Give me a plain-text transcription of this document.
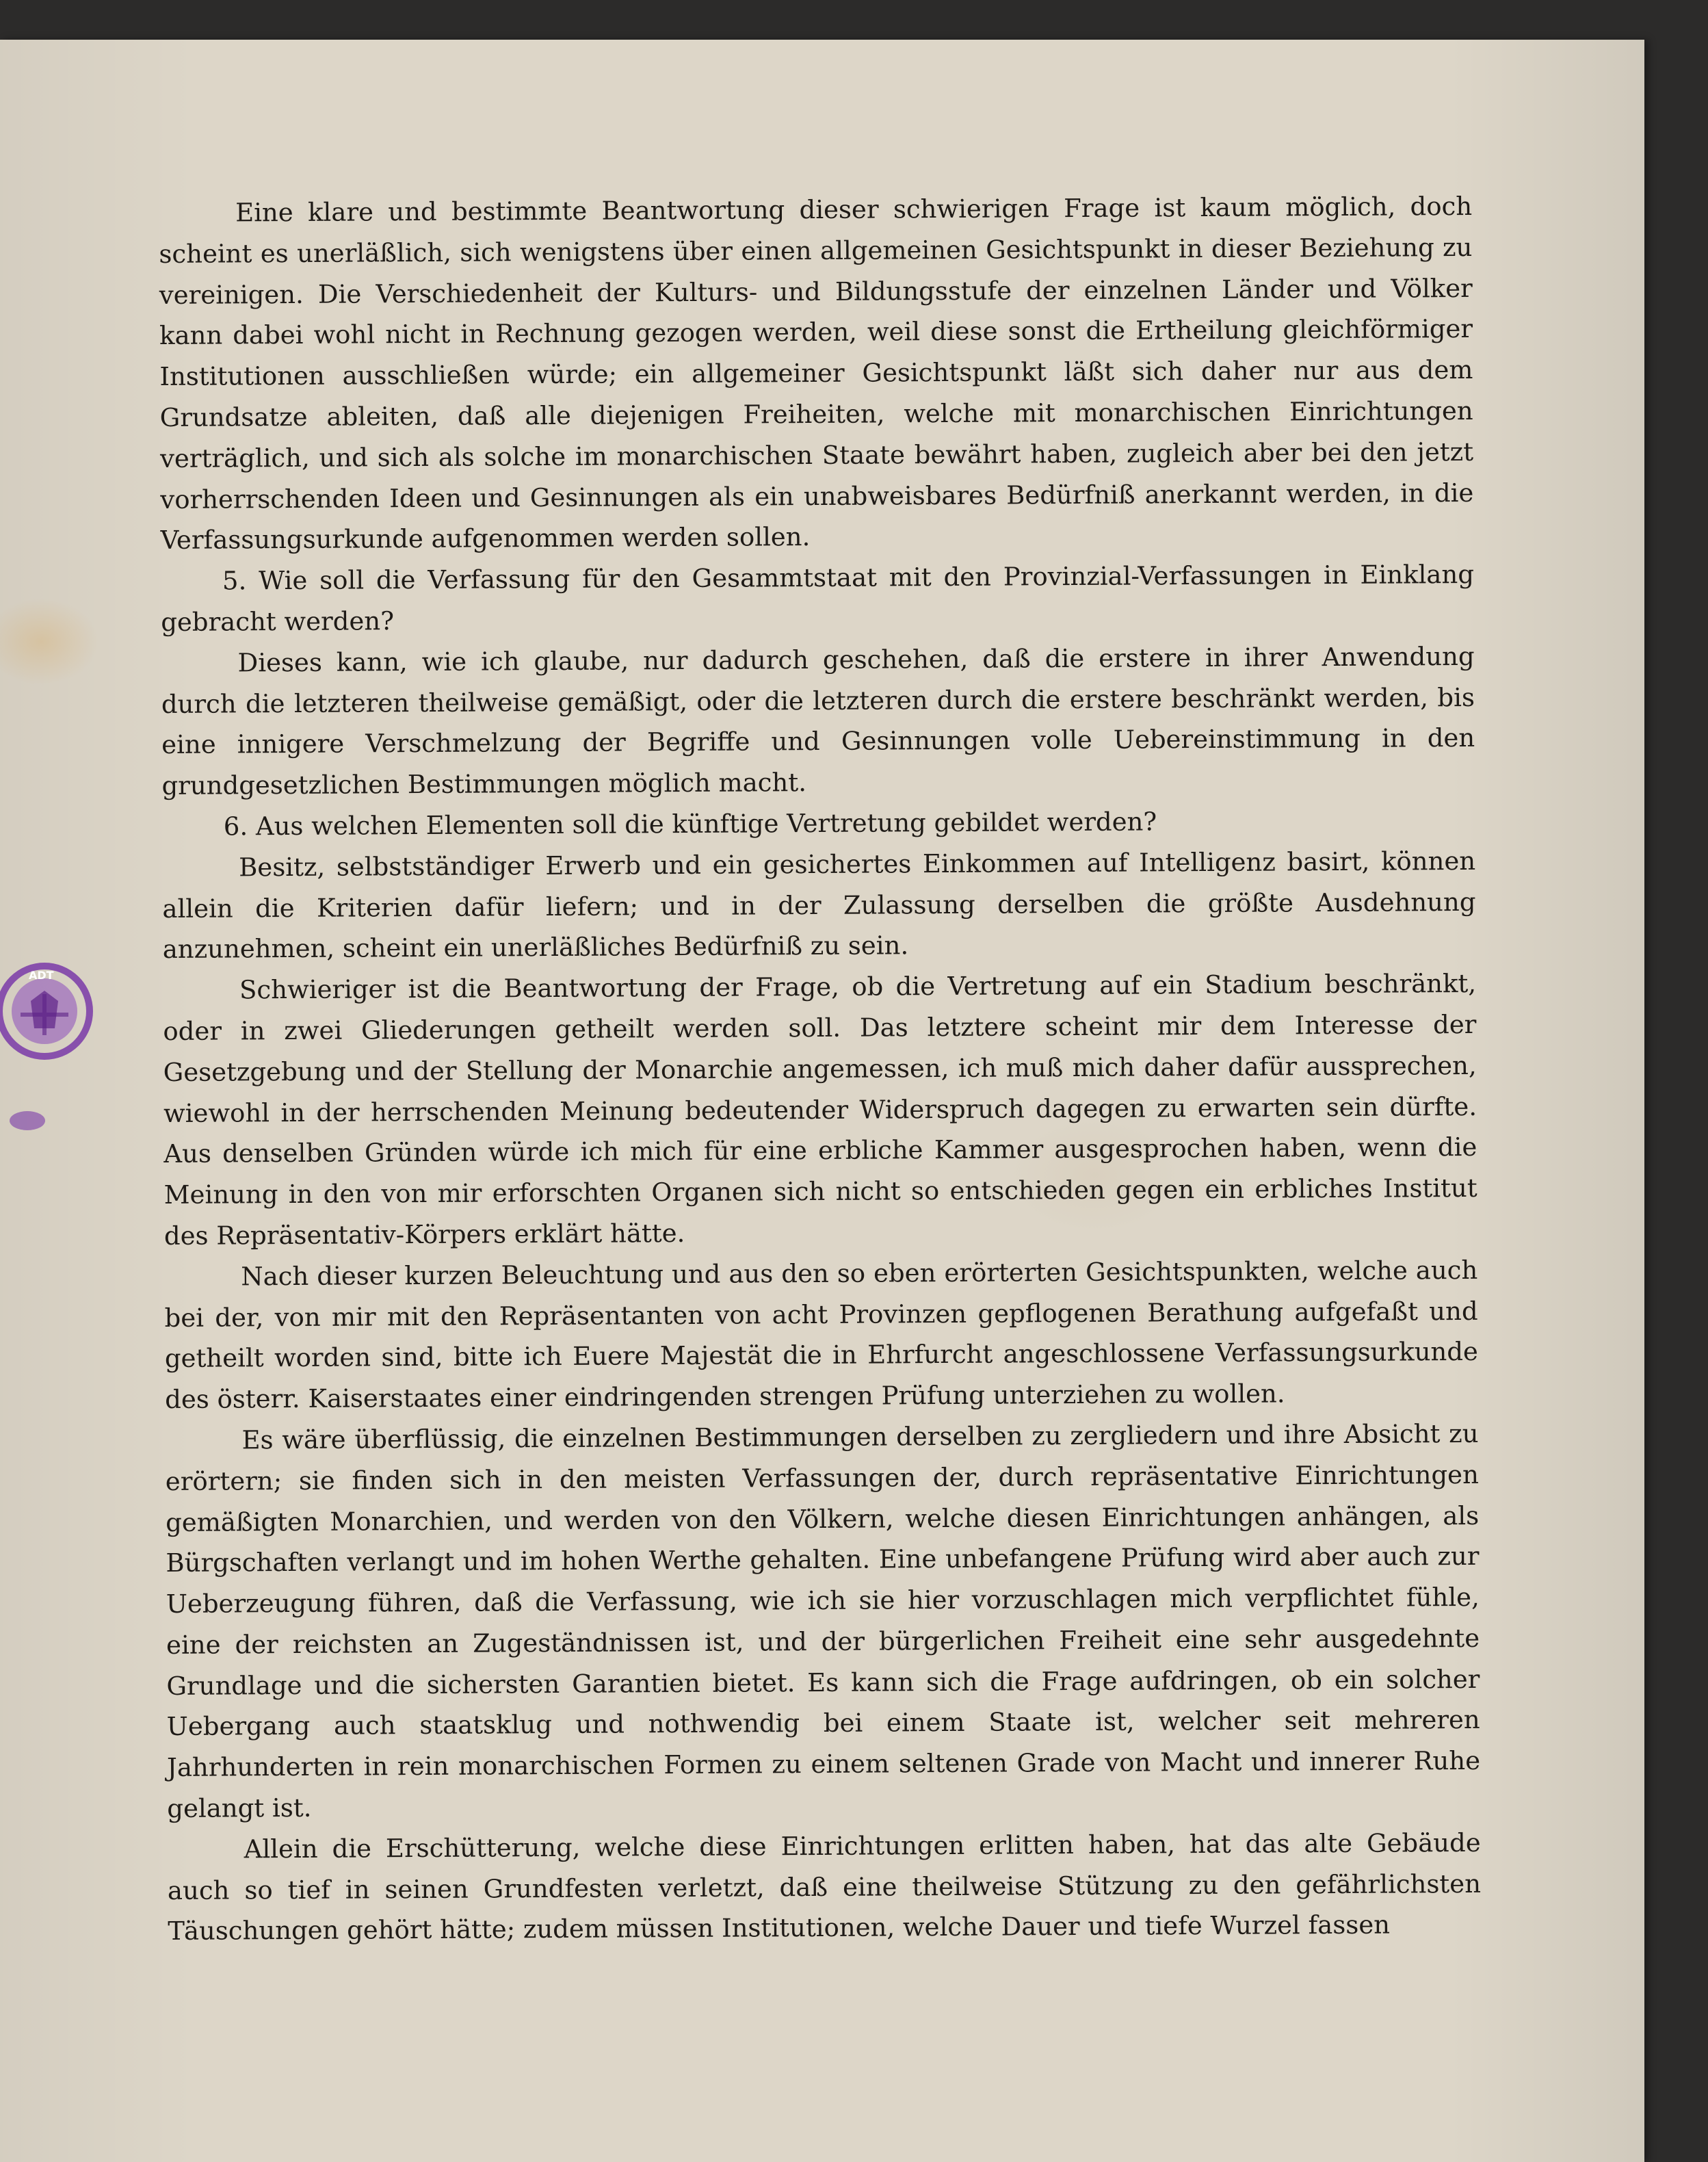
ADT

Eine klare und bestimmte Beantwortung dieser schwierigen Frage ist kaum möglich, doch scheint es unerläßlich, sich wenigstens über einen allgemeinen Gesichtspunkt in dieser Beziehung zu vereinigen. Die Verschiedenheit der Kulturs- und Bildungsstufe der einzelnen Länder und Völker kann dabei wohl nicht in Rechnung gezogen werden, weil diese sonst die Ertheilung gleichförmiger Institutionen ausschließen würde; ein allgemeiner Gesichtspunkt läßt sich daher nur aus dem Grundsatze ableiten, daß alle diejenigen Freiheiten, welche mit monarchischen Einrichtungen verträglich, und sich als solche im monarchischen Staate bewährt haben, zugleich aber bei den jetzt vorherrschenden Ideen und Gesinnungen als ein unabweisbares Bedürfniß anerkannt werden, in die Verfassungsurkunde aufgenommen werden sollen.

5. Wie soll die Verfassung für den Gesammtstaat mit den Provinzial-Verfassungen in Einklang gebracht werden?

Dieses kann, wie ich glaube, nur dadurch geschehen, daß die erstere in ihrer Anwendung durch die letzteren theilweise gemäßigt, oder die letzteren durch die erstere beschränkt werden, bis eine innigere Verschmelzung der Begriffe und Gesinnungen volle Uebereinstimmung in den grundgesetzlichen Bestimmungen möglich macht.

6. Aus welchen Elementen soll die künftige Vertretung gebildet werden?

Besitz, selbstständiger Erwerb und ein gesichertes Einkommen auf Intelligenz basirt, können allein die Kriterien dafür liefern; und in der Zulassung derselben die größte Ausdehnung anzunehmen, scheint ein unerläßliches Bedürfniß zu sein.

Schwieriger ist die Beantwortung der Frage, ob die Vertretung auf ein Stadium beschränkt, oder in zwei Gliederungen getheilt werden soll. Das letztere scheint mir dem Interesse der Gesetzgebung und der Stellung der Monarchie angemessen, ich muß mich daher dafür aussprechen, wiewohl in der herrschenden Meinung bedeutender Widerspruch dagegen zu erwarten sein dürfte. Aus denselben Gründen würde ich mich für eine erbliche Kammer ausgesprochen haben, wenn die Meinung in den von mir erforschten Organen sich nicht so entschieden gegen ein erbliches Institut des Repräsentativ-Körpers erklärt hätte.

Nach dieser kurzen Beleuchtung und aus den so eben erörterten Gesichtspunkten, welche auch bei der, von mir mit den Repräsentanten von acht Provinzen gepflogenen Berathung aufgefaßt und getheilt worden sind, bitte ich Euere Majestät die in Ehrfurcht angeschlossene Verfassungsurkunde des österr. Kaiserstaates einer eindringenden strengen Prüfung unterziehen zu wollen.

Es wäre überflüssig, die einzelnen Bestimmungen derselben zu zergliedern und ihre Absicht zu erörtern; sie finden sich in den meisten Verfassungen der, durch repräsentative Einrichtungen gemäßigten Monarchien, und werden von den Völkern, welche diesen Einrichtungen anhängen, als Bürgschaften verlangt und im hohen Werthe gehalten. Eine unbefangene Prüfung wird aber auch zur Ueberzeugung führen, daß die Verfassung, wie ich sie hier vorzuschlagen mich verpflichtet fühle, eine der reichsten an Zugeständnissen ist, und der bürgerlichen Freiheit eine sehr ausgedehnte Grundlage und die sichersten Garantien bietet. Es kann sich die Frage aufdringen, ob ein solcher Uebergang auch staatsklug und nothwendig bei einem Staate ist, welcher seit mehreren Jahrhunderten in rein monarchischen Formen zu einem seltenen Grade von Macht und innerer Ruhe gelangt ist.

Allein die Erschütterung, welche diese Einrichtungen erlitten haben, hat das alte Gebäude auch so tief in seinen Grundfesten verletzt, daß eine theilweise Stützung zu den gefährlichsten Täuschungen gehört hätte; zudem müssen Institutionen, welche Dauer und tiefe Wurzel fassen
